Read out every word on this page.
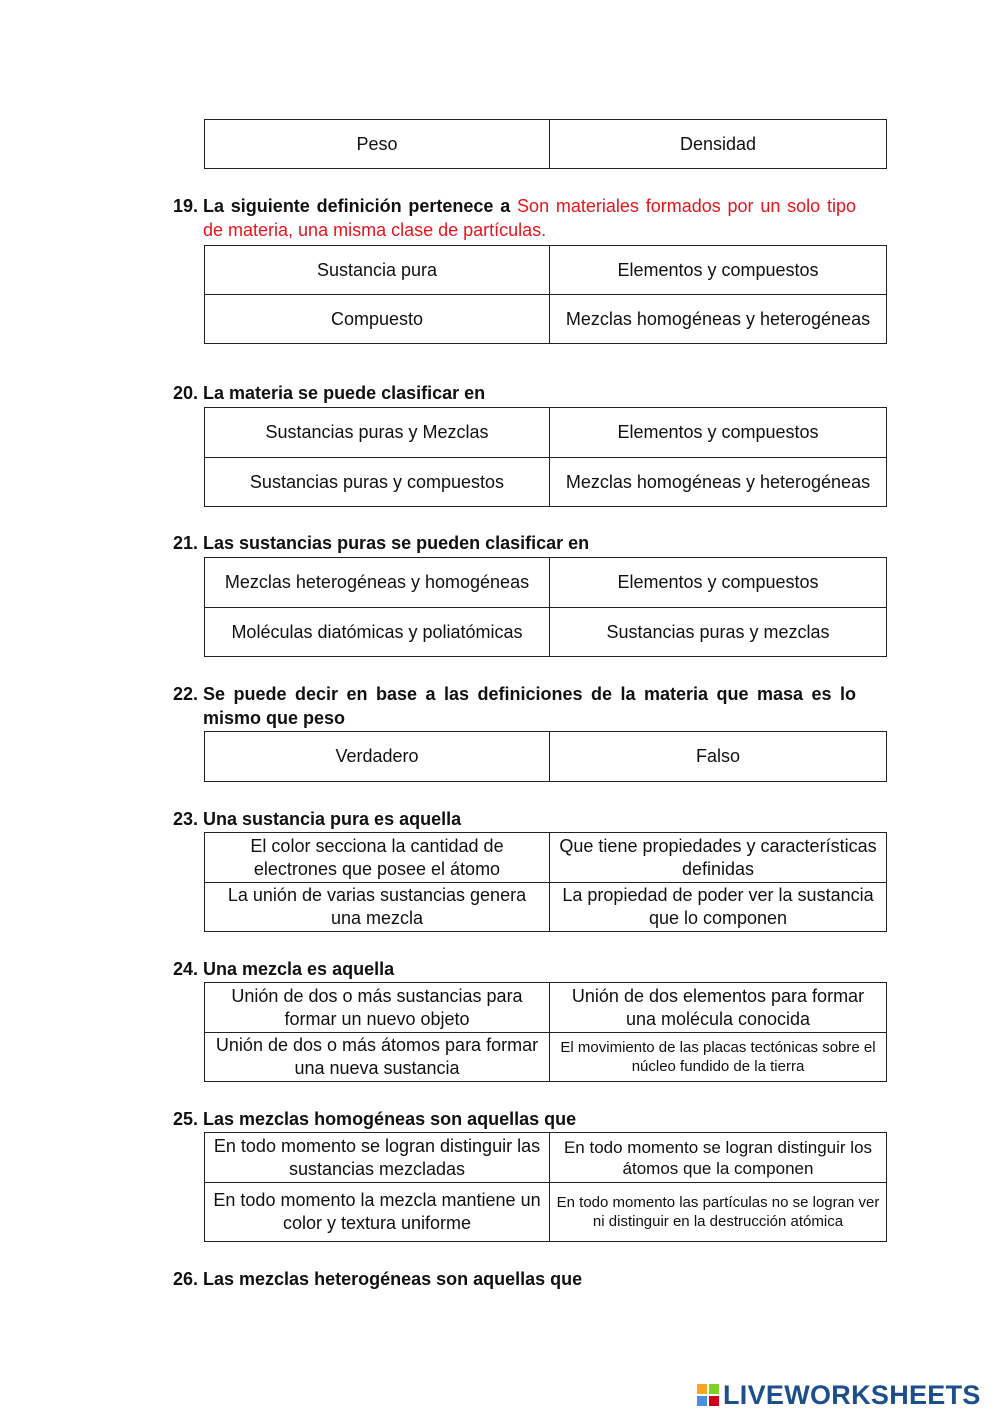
Peso	Densidad
19. La siguiente definición pertenece a Son materiales formados por un solo tipo de materia, una misma clase de partículas.
Sustancia pura	Elementos y compuestos
Compuesto	Mezclas homogéneas y heterogéneas
20. La materia se puede clasificar en
Sustancias puras y Mezclas	Elementos y compuestos
Sustancias puras y compuestos	Mezclas homogéneas y heterogéneas
21. Las sustancias puras se pueden clasificar en
Mezclas heterogéneas y homogéneas	Elementos y compuestos
Moléculas diatómicas y poliatómicas	Sustancias puras y mezclas
22. Se puede decir en base a las definiciones de la materia que masa es lo mismo que peso
Verdadero	Falso
23. Una sustancia pura es aquella
El color secciona la cantidad de electrones que posee el átomo	Que tiene propiedades y características definidas
La unión de varias sustancias genera una mezcla	La propiedad de poder ver la sustancia que lo componen
24. Una mezcla es aquella
Unión de dos o más sustancias para formar un nuevo objeto	Unión de dos elementos para formar una molécula conocida
Unión de dos o más átomos para formar una nueva sustancia	El movimiento de las placas tectónicas sobre el núcleo fundido de la tierra
25. Las mezclas homogéneas son aquellas que
En todo momento se logran distinguir las sustancias mezcladas	En todo momento se logran distinguir los átomos que la componen
En todo momento la mezcla mantiene un color y textura uniforme	En todo momento las partículas no se logran ver ni distinguir en la destrucción atómica
26. Las mezclas heterogéneas son aquellas que
LIVEWORKSHEETS
